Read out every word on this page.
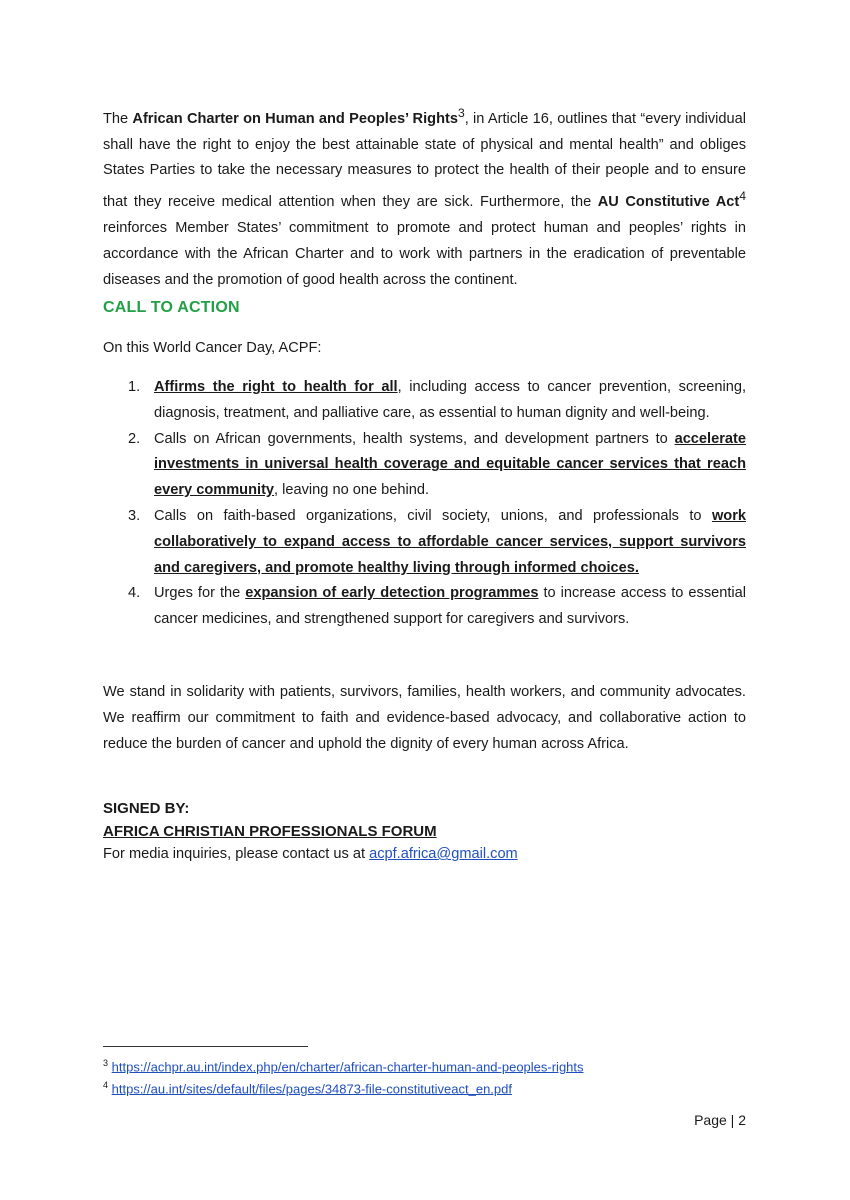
The African Charter on Human and Peoples’ Rights$^3$, in Article 16, outlines that “every individual shall have the right to enjoy the best attainable state of physical and mental health” and obliges States Parties to take the necessary measures to protect the health of their people and to ensure that they receive medical attention when they are sick. Furthermore, the AU Constitutive Act$^4$ reinforces Member States’ commitment to promote and protect human and peoples’ rights in accordance with the African Charter and to work with partners in the eradication of preventable diseases and the promotion of good health across the continent.

CALL TO ACTION

On this World Cancer Day, ACPF:

1. Affirms the right to health for all, including access to cancer prevention, screening, diagnosis, treatment, and palliative care, as essential to human dignity and well-being.
2. Calls on African governments, health systems, and development partners to accelerate investments in universal health coverage and equitable cancer services that reach every community, leaving no one behind.
3. Calls on faith-based organizations, civil society, unions, and professionals to work collaboratively to expand access to affordable cancer services, support survivors and caregivers, and promote healthy living through informed choices.
4. Urges for the expansion of early detection programmes to increase access to essential cancer medicines, and strengthened support for caregivers and survivors.

We stand in solidarity with patients, survivors, families, health workers, and community advocates. We reaffirm our commitment to faith and evidence-based advocacy, and collaborative action to reduce the burden of cancer and uphold the dignity of every human across Africa.

SIGNED BY:

AFRICA CHRISTIAN PROFESSIONALS FORUM

For media inquiries, please contact us at acpf.africa@gmail.com

$^3$ https://achpr.au.int/index.php/en/charter/african-charter-human-and-peoples-rights

$^4$ https://au.int/sites/default/files/pages/34873-file-constitutiveact_en.pdf

Page | 2
